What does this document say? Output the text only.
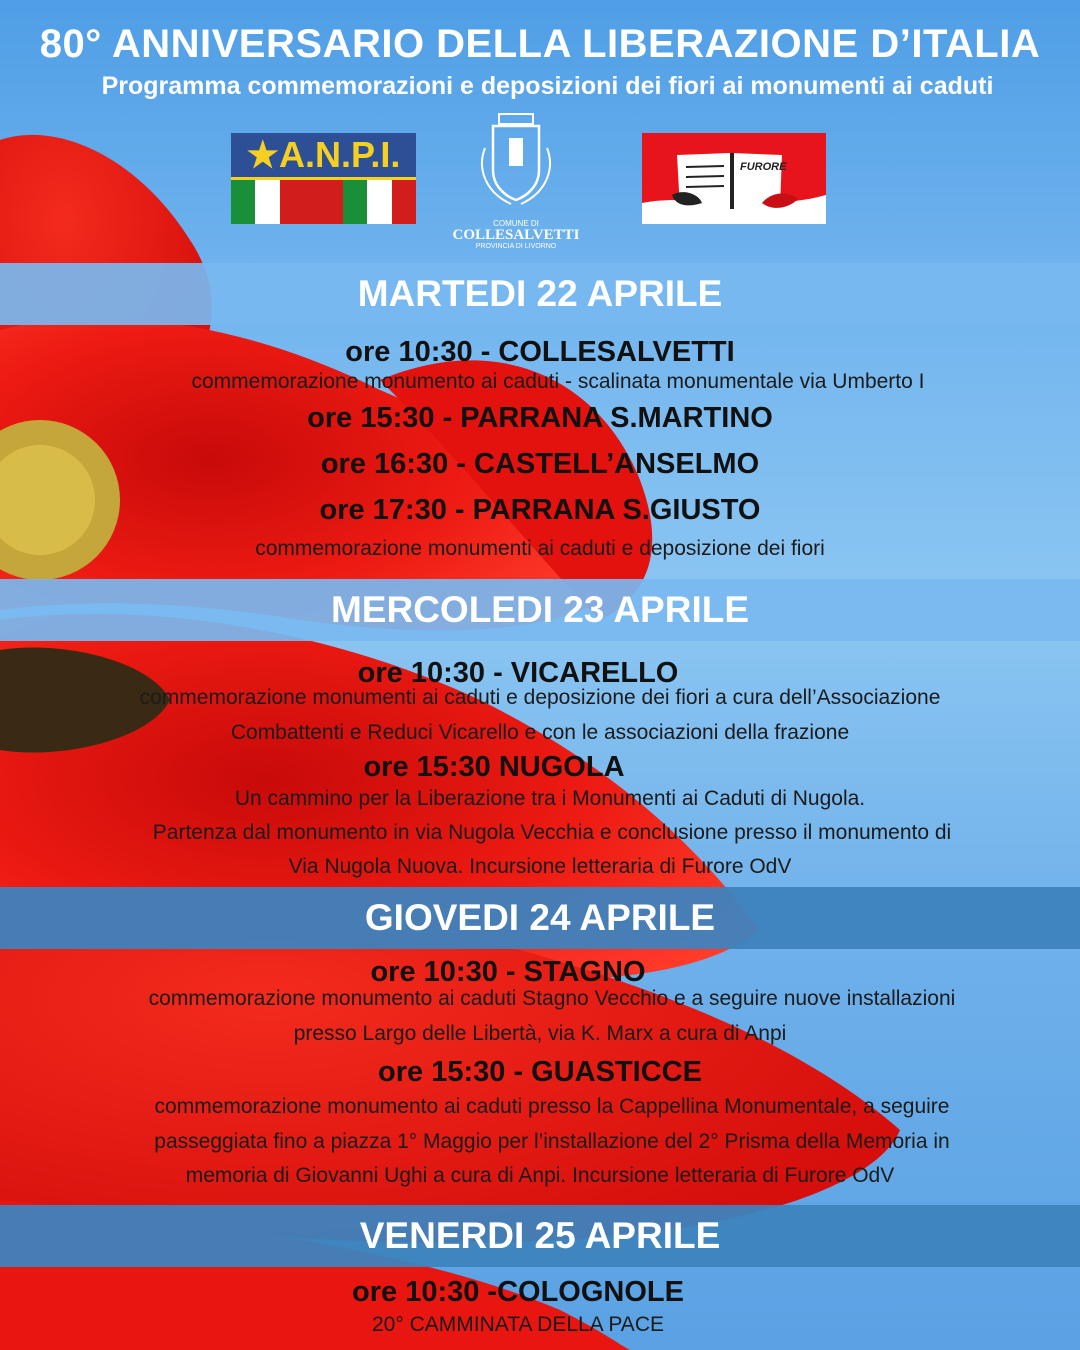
80° ANNIVERSARIO DELLA LIBERAZIONE D’ITALIA
Programma commemorazioni e deposizioni dei fiori ai monumenti ai caduti
★A.N.P.I.
COMUNE DI
COLLESALVETTI
PROVINCIA DI LIVORNO
FURORE
MARTEDI 22 APRILE
MERCOLEDI 23 APRILE
GIOVEDI 24 APRILE
VENERDI 25 APRILE
ore 10:30 - COLLESALVETTI
commemorazione monumento ai caduti - scalinata monumentale via Umberto I
ore 15:30 - PARRANA S.MARTINO
ore 16:30 - CASTELL’ANSELMO
ore 17:30 - PARRANA S.GIUSTO
commemorazione monumenti ai caduti e deposizione dei fiori
ore 10:30 - VICARELLO
commemorazione monumenti ai caduti e deposizione dei fiori a cura dell’Associazione
Combattenti e Reduci Vicarello e con le associazioni della frazione
ore 15:30 NUGOLA
Un cammino per la Liberazione tra i Monumenti ai Caduti di Nugola.
Partenza dal monumento in via Nugola Vecchia e conclusione presso il monumento di
Via Nugola Nuova. Incursione letteraria di Furore OdV
ore 10:30 - STAGNO
commemorazione monumento ai caduti Stagno Vecchio e a seguire nuove installazioni
presso Largo delle Libertà, via K. Marx a cura di Anpi
ore 15:30 - GUASTICCE
commemorazione monumento ai caduti presso la Cappellina Monumentale, a seguire
passeggiata fino a piazza 1° Maggio per l’installazione del 2° Prisma della Memoria in
memoria di Giovanni Ughi a cura di Anpi. Incursione letteraria di Furore OdV
ore 10:30 -COLOGNOLE
20° CAMMINATA DELLA PACE
